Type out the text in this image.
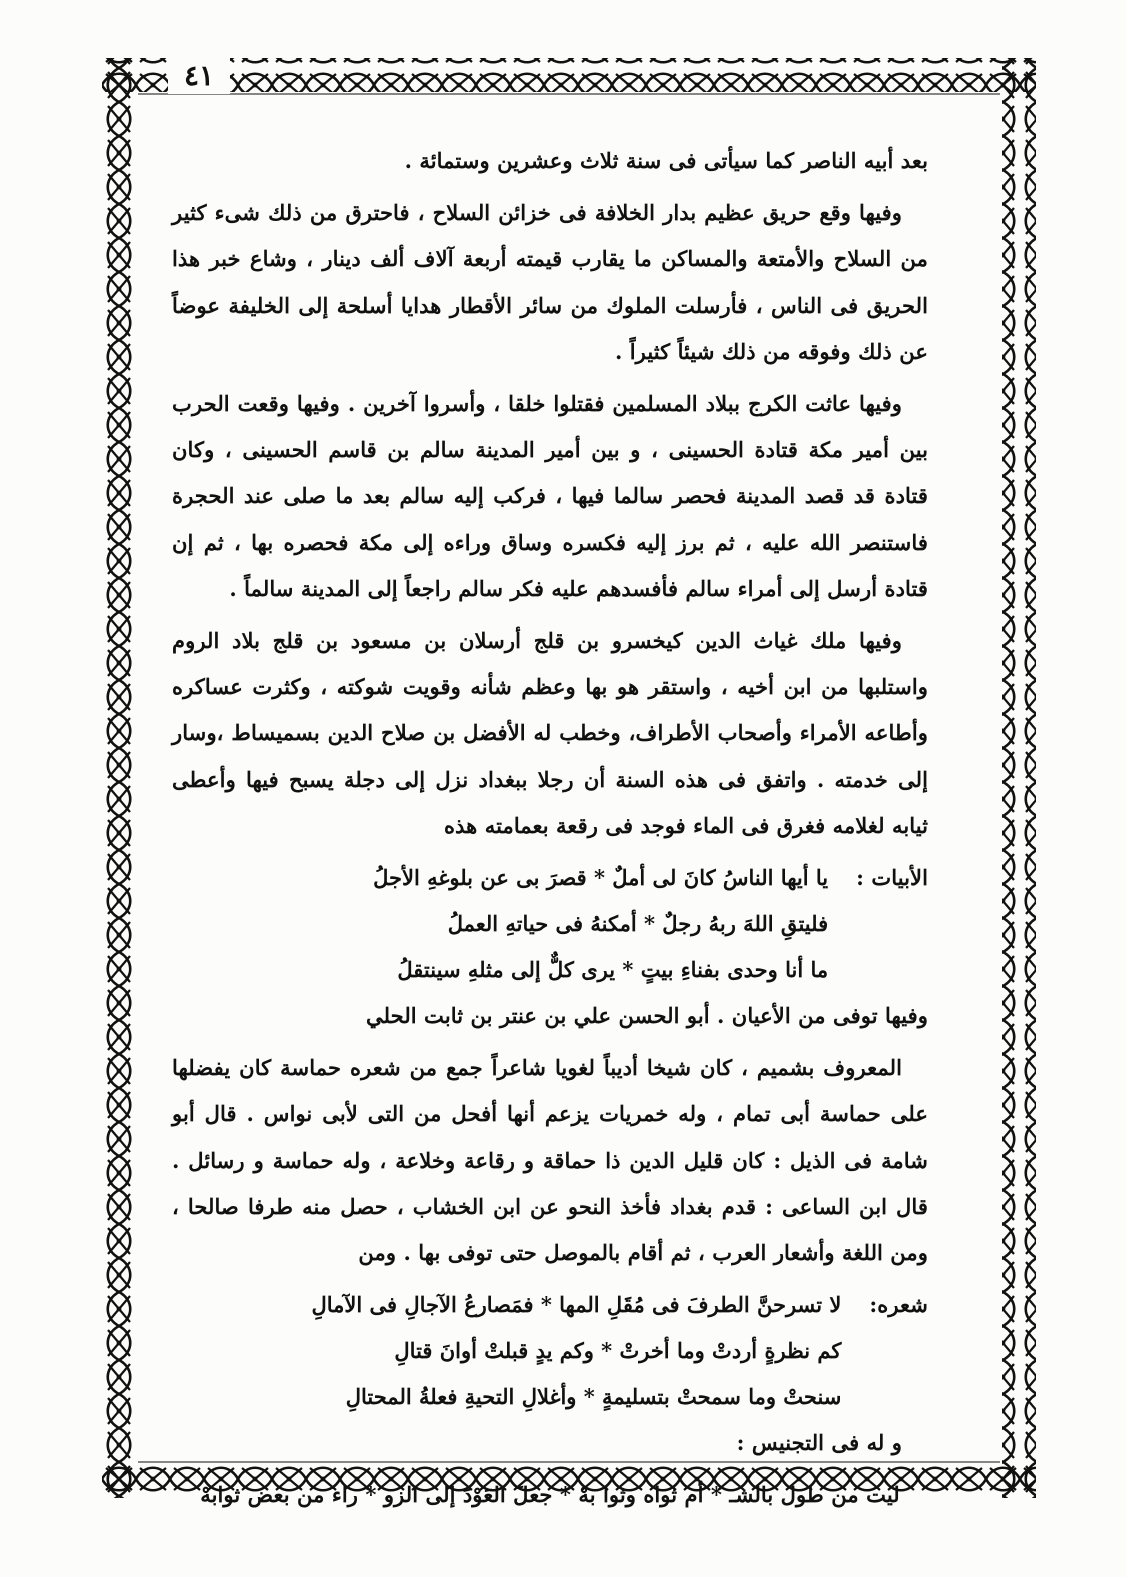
٤١

بعد أبيه الناصر كما سيأتى فى سنة ثلاث وعشرين وستمائة .

وفيها وقع حريق عظيم بدار الخلافة فى خزائن السلاح ، فاحترق من ذلك شىء كثير من السلاح والأمتعة والمساكن ما يقارب قيمته أربعة آلاف ألف دينار ، وشاع خبر هذا الحريق فى الناس ، فأرسلت الملوك من سائر الأقطار هدايا أسلحة إلى الخليفة عوضاً عن ذلك وفوقه من ذلك شيئاً كثيراً .

وفيها عاثت الكرج ببلاد المسلمين فقتلوا خلقا ، وأسروا آخرين . وفيها وقعت الحرب بين أمير مكة قتادة الحسينى ، و بين أمير المدينة سالم بن قاسم الحسينى ، وكان قتادة قد قصد المدينة فحصر سالما فيها ، فركب إليه سالم بعد ما صلى عند الحجرة فاستنصر الله عليه ، ثم برز إليه فكسره وساق وراءه إلى مكة فحصره بها ، ثم إن قتادة أرسل إلى أمراء سالم فأفسدهم عليه فكر سالم راجعاً إلى المدينة سالماً .

وفيها ملك غياث الدين كيخسرو بن قلج أرسلان بن مسعود بن قلج بلاد الروم واستلبها من ابن أخيه ، واستقر هو بها وعظم شأنه وقويت شوكته ، وكثرت عساكره وأطاعه الأمراء وأصحاب الأطراف، وخطب له الأفضل بن صلاح الدين بسميساط ،وسار إلى خدمته . واتفق فى هذه السنة أن رجلا ببغداد نزل إلى دجلة يسبح فيها وأعطى ثيابه لغلامه فغرق فى الماء فوجد فى رقعة بعمامته هذه

الأبيات :
يا أيها الناسُ كانَ لى أملٌ * قصرَ بى عن بلوغهِ الأجلُ
فليتقِ اللهَ ربهُ رجلٌ * أمكنهُ فى حياتهِ العملُ
ما أنا وحدى بفناءِ بيتٍ * يرى كلٌّ إلى مثلهِ سينتقلُ

وفيها توفى من الأعيان . أبو الحسن علي بن عنتر بن ثابت الحلي

المعروف بشميم ، كان شيخا أديباً لغويا شاعراً جمع من شعره حماسة كان يفضلها على حماسة أبى تمام ، وله خمريات يزعم أنها أفحل من التى لأبى نواس . قال أبو شامة فى الذيل : كان قليل الدين ذا حماقة و رقاعة وخلاعة ، وله حماسة و رسائل . قال ابن الساعى : قدم بغداد فأخذ النحو عن ابن الخشاب ، حصل منه طرفا صالحا ، ومن اللغة وأشعار العرب ، ثم أقام بالموصل حتى توفى بها . ومن

شعره:
لا تسرحنَّ الطرفَ فى مُقَلِ المها * فمَصارعُ الآجالِ فى الآمالِ
كم نظرةٍ أردتْ وما أخرتْ * وكم يدٍ قبلتْ أوانَ قتالِ
سنحتْ وما سمحتْ بتسليمةٍ * وأغلالِ التحيةِ فعلةُ المحتالِ

و له فى التجنيس :

ليت من طول بالشـ * أم ثواه وثوا بهْ * جعلَ العَوْدَ إلى الزو * راء من بعض ثوابهْ
